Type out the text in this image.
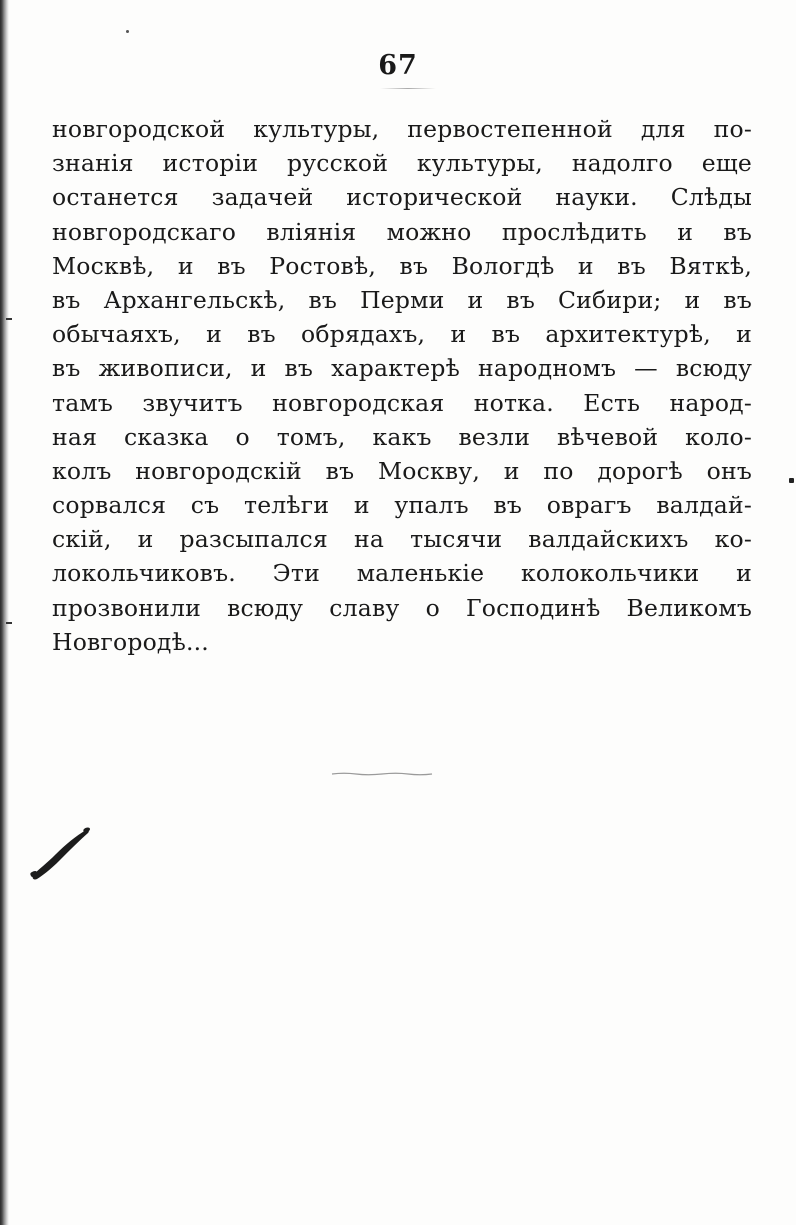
67
новгородской культуры, первостепенной для по-
знанія исторіи русской культуры, надолго еще
останется задачей исторической науки. Слѣды
новгородскаго вліянія можно прослѣдить и въ
Москвѣ, и въ Ростовѣ, въ Вологдѣ и въ Вяткѣ,
въ Архангельскѣ, въ Перми и въ Сибири; и въ
обычаяхъ, и въ обрядахъ, и въ архитектурѣ, и
въ живописи, и въ характерѣ народномъ — всюду
тамъ звучитъ новгородская нотка. Есть народ-
ная сказка о томъ, какъ везли вѣчевой коло-
колъ новгородскій въ Москву, и по дорогѣ онъ
сорвался съ телѣги и упалъ въ оврагъ валдай-
скій, и разсыпался на тысячи валдайскихъ ко-
локольчиковъ. Эти маленькіе колокольчики и
прозвонили всюду славу о Господинѣ Великомъ
Новгородѣ...
